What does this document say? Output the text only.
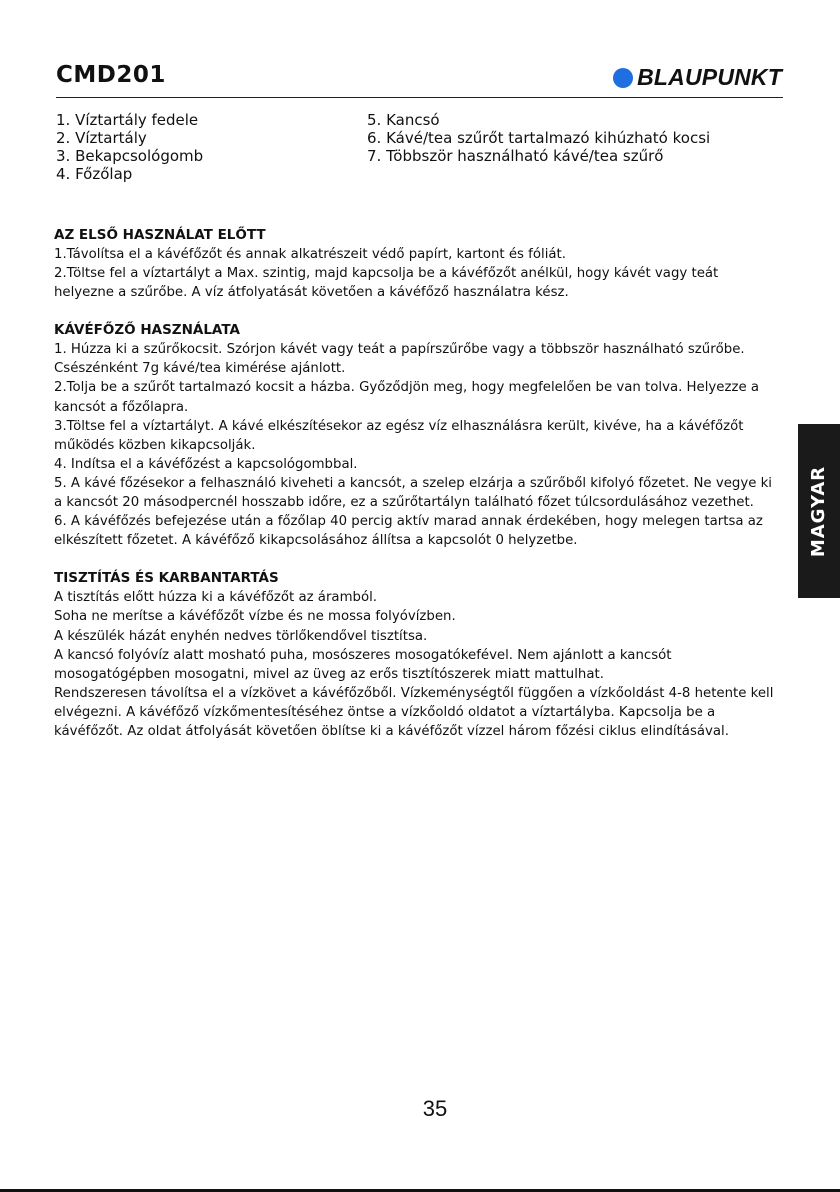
CMD201	BLAUPUNKT
1. Víztartály fedele
2. Víztartály
3. Bekapcsológomb
4. Főzőlap
5. Kancsó
6. Kávé/tea szűrőt tartalmazó kihúzható kocsi
7. Többször használható kávé/tea szűrő

AZ ELSŐ HASZNÁLAT ELŐTT

1.Távolítsa el a kávéfőzőt és annak alkatrészeit védő papírt, kartont és fóliát.

2.Töltse fel a víztartályt a Max. szintig, majd kapcsolja be a kávéfőzőt anélkül, hogy kávét vagy teát helyezne a szűrőbe. A víz átfolyatását követően a kávéfőző használatra kész.

KÁVÉFŐZŐ HASZNÁLATA

1. Húzza ki a szűrőkocsit. Szórjon kávét vagy teát a papírszűrőbe vagy a többször használható szűrőbe. Csészénként 7g kávé/tea kimérése ajánlott.

2.Tolja be a szűrőt tartalmazó kocsit a házba. Győződjön meg, hogy megfelelően be van tolva. Helyezze a kancsót a főzőlapra.

3.Töltse fel a víztartályt. A kávé elkészítésekor az egész víz elhasználásra került, kivéve, ha a kávéfőzőt működés közben kikapcsolják.

4. Indítsa el a kávéfőzést a kapcsológombbal.

5. A kávé főzésekor a felhasználó kiveheti a kancsót, a szelep elzárja a szűrőből kifolyó főzetet. Ne vegye ki a kancsót 20 másodpercnél hosszabb időre, ez a szűrőtartályn található főzet túlcsordulásához vezethet.

6. A kávéfőzés befejezése után a főzőlap 40 percig aktív marad annak érdekében, hogy melegen tartsa az elkészített főzetet. A kávéfőző kikapcsolásához állítsa a kapcsolót 0 helyzetbe.

TISZTÍTÁS ÉS KARBANTARTÁS

A tisztítás előtt húzza ki a kávéfőzőt az áramból.

Soha ne merítse a kávéfőzőt vízbe és ne mossa folyóvízben.

A készülék házát enyhén nedves törlőkendővel tisztítsa.

A kancsó folyóvíz alatt mosható puha, mosószeres mosogatókefével. Nem ajánlott a kancsót mosogatógépben mosogatni, mivel az üveg az erős tisztítószerek miatt mattulhat.

Rendszeresen távolítsa el a vízkövet a kávéfőzőből. Vízkeménységtől függően a vízkőoldást 4-8 hetente kell elvégezni. A kávéfőző vízkőmentesítéséhez öntse a vízkőoldó oldatot a víztartályba. Kapcsolja be a kávéfőzőt. Az oldat átfolyását követően öblítse ki a kávéfőzőt vízzel három főzési ciklus elindításával.

MAGYAR
35
